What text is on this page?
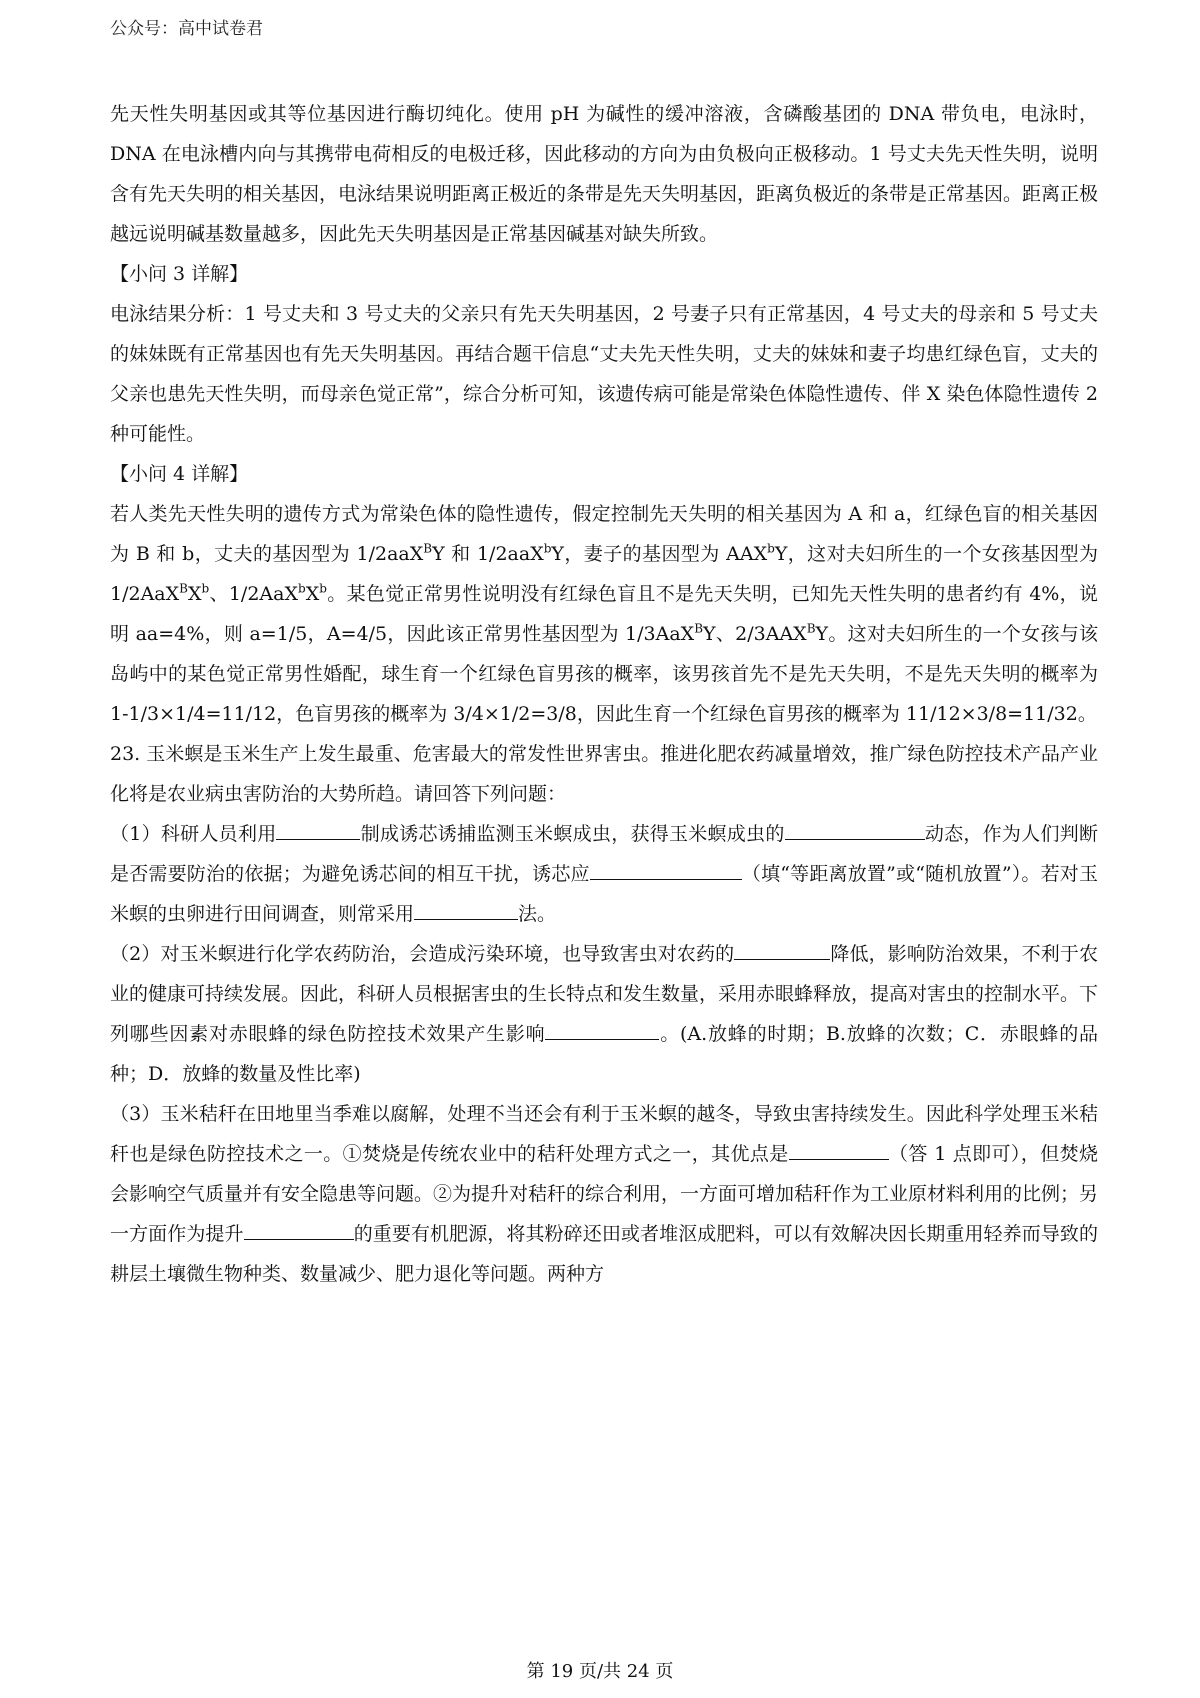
公众号：高中试卷君

先天性失明基因或其等位基因进行酶切纯化。使用 pH 为碱性的缓冲溶液，含磷酸基团的 DNA 带负电，电泳时，DNA 在电泳槽内向与其携带电荷相反的电极迁移，因此移动的方向为由负极向正极移动。1 号丈夫先天性失明，说明含有先天失明的相关基因，电泳结果说明距离正极近的条带是先天失明基因，距离负极近的条带是正常基因。距离正极越远说明碱基数量越多，因此先天失明基因是正常基因碱基对缺失所致。

【小问 3 详解】

电泳结果分析：1 号丈夫和 3 号丈夫的父亲只有先天失明基因，2 号妻子只有正常基因，4 号丈夫的母亲和 5 号丈夫的妹妹既有正常基因也有先天失明基因。再结合题干信息“丈夫先天性失明，丈夫的妹妹和妻子均患红绿色盲，丈夫的父亲也患先天性失明，而母亲色觉正常”，综合分析可知，该遗传病可能是常染色体隐性遗传、伴 X 染色体隐性遗传 2 种可能性。

【小问 4 详解】

若人类先天性失明的遗传方式为常染色体的隐性遗传，假定控制先天失明的相关基因为 A 和 a，红绿色盲的相关基因为 B 和 b，丈夫的基因型为 1/2aaX$^B$Y 和 1/2aaX$^b$Y，妻子的基因型为 AAX$^b$Y，这对夫妇所生的一个女孩基因型为 $1/2AaX^BX^b$、$1/2AaX^bX^b$。某色觉正常男性说明没有红绿色盲且不是先天失明，已知先天性失明的患者约有 4%，说明 aa=4%，则 a=1/5，A=4/5，因此该正常男性基因型为 1/3AaX$^B$Y、$2/3AAX^BY$。这对夫妇所生的一个女孩与该岛屿中的某色觉正常男性婚配，球生育一个红绿色盲男孩的概率，该男孩首先不是先天失明，不是先天失明的概率为 1-1/3×1/4=11/12，色盲男孩的概率为 3/4×1/2=3/8，因此生育一个红绿色盲男孩的概率为 11/12×3/8=11/32。

23. 玉米螟是玉米生产上发生最重、危害最大的常发性世界害虫。推进化肥农药减量增效，推广绿色防控技术产品产业化将是农业病虫害防治的大势所趋。请回答下列问题：

（1）科研人员利用	制成诱芯诱捕监测玉米螟成虫，获得玉米螟成虫的	动态，作为人们判断是否需要防治的依据；为避免诱芯间的相互干扰，诱芯应	（填“等距离放置”或“随机放置”）。若对玉米螟的虫卵进行田间调查，则常采用	法。

（2）对玉米螟进行化学农药防治，会造成污染环境，也导致害虫对农药的	降低，影响防治效果，不利于农业的健康可持续发展。因此，科研人员根据害虫的生长特点和发生数量，采用赤眼蜂释放，提高对害虫的控制水平。下列哪些因素对赤眼蜂的绿色防控技术效果产生影响	。(A.放蜂的时期；B.放蜂的次数；C．赤眼蜂的品种；D．放蜂的数量及性比率)

（3）玉米秸秆在田地里当季难以腐解，处理不当还会有利于玉米螟的越冬，导致虫害持续发生。因此科学处理玉米秸秆也是绿色防控技术之一。①焚烧是传统农业中的秸秆处理方式之一，其优点是	（答 1 点即可），但焚烧会影响空气质量并有安全隐患等问题。②为提升对秸秆的综合利用，一方面可增加秸秆作为工业原材料利用的比例；另一方面作为提升	的重要有机肥源，将其粉碎还田或者堆沤成肥料，可以有效解决因长期重用轻养而导致的耕层土壤微生物种类、数量减少、肥力退化等问题。两种方

第 19 页/共 24 页
